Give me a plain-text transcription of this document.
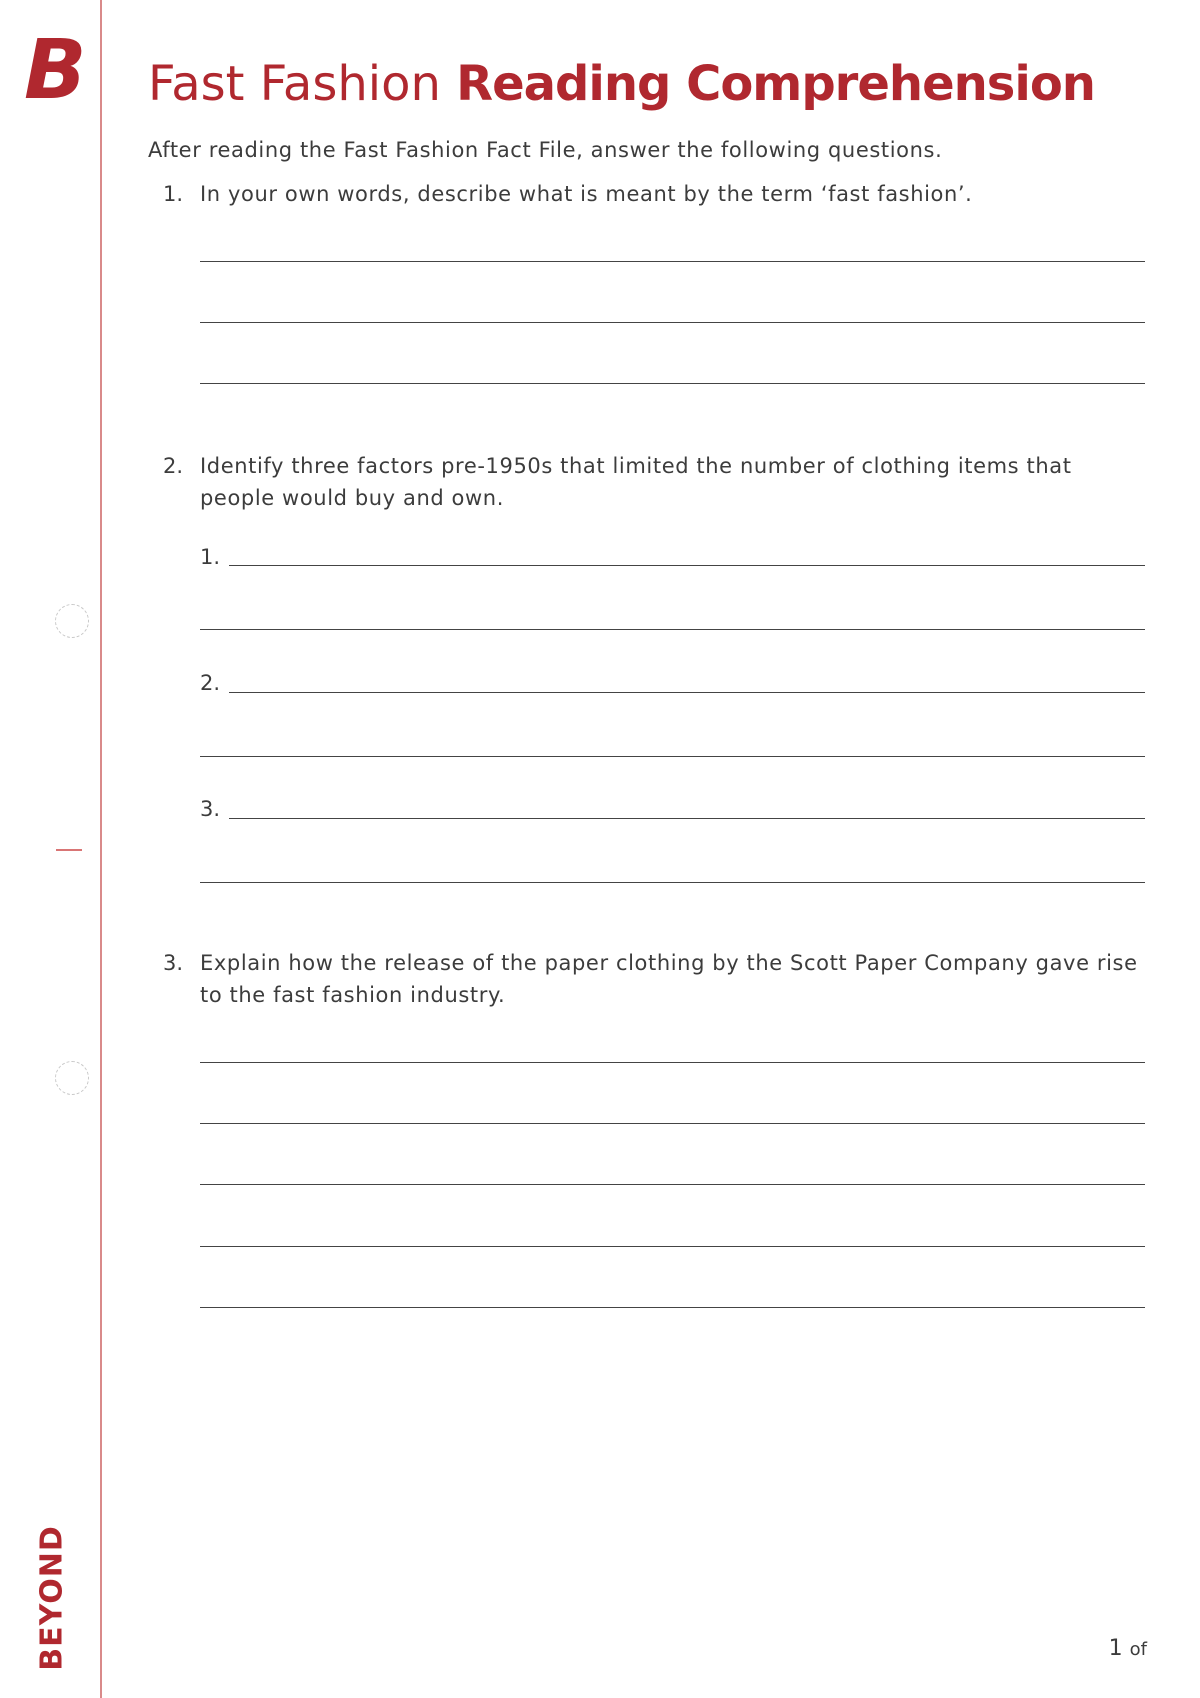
B
BEYOND
Fast Fashion Reading Comprehension
After reading the Fast Fashion Fact File, answer the following questions.
1. In your own words, describe what is meant by the term ‘fast fashion’.
2. Identify three factors pre-1950s that limited the number of clothing items that people would buy and own.
1.
2.
3.
3. Explain how the release of the paper clothing by the Scott Paper Company gave rise to the fast fashion industry.
1 of
